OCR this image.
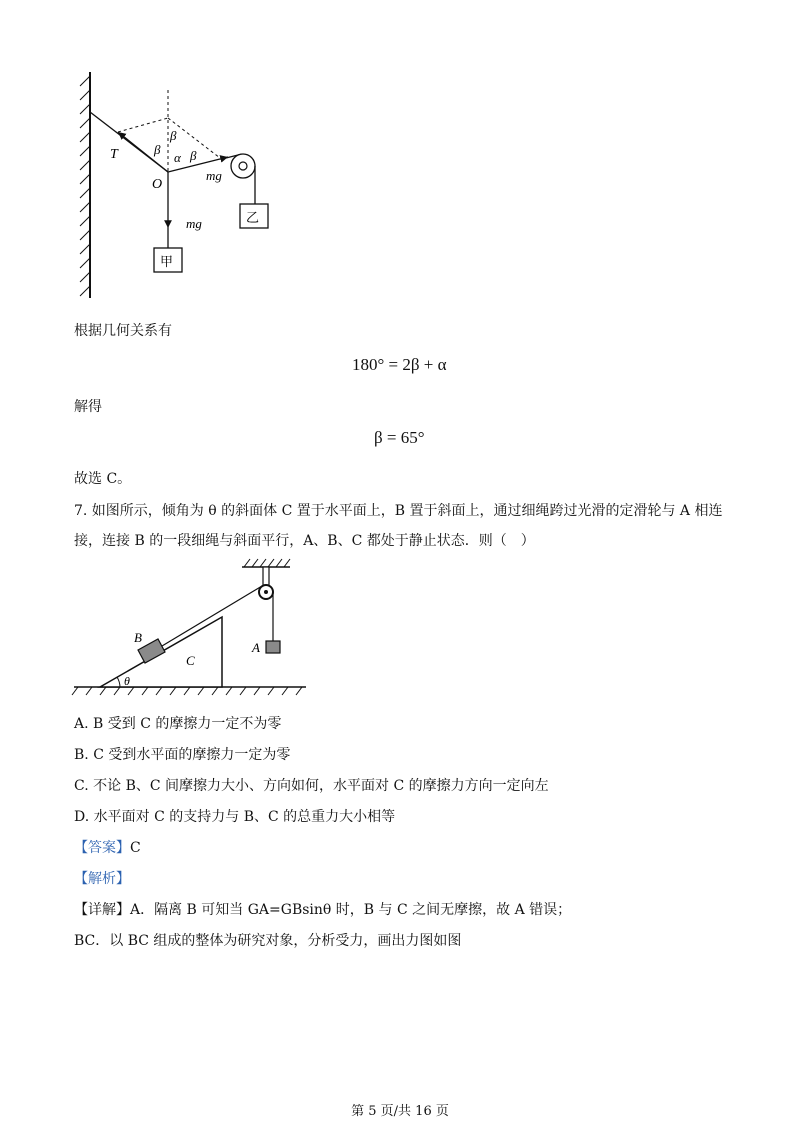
T
O
β
β
β
α
mg
mg
甲
乙
根据几何关系有
180° = 2β + α
解得
β = 65°
故选 C。
7. 如图所示，倾角为 θ 的斜面体 C 置于水平面上，B 置于斜面上，通过细绳跨过光滑的定滑轮与 A 相连
接，连接 B 的一段细绳与斜面平行，A、B、C 都处于静止状态．则（　）
B
C
A
θ
A. B 受到 C 的摩擦力一定不为零
B. C 受到水平面的摩擦力一定为零
C. 不论 B、C 间摩擦力大小、方向如何，水平面对 C 的摩擦力方向一定向左
D. 水平面对 C 的支持力与 B、C 的总重力大小相等
【答案】C
【解析】
【详解】A．隔离 B 可知当 GA=GBsinθ 时，B 与 C 之间无摩擦，故 A 错误；
BC．以 BC 组成的整体为研究对象，分析受力，画出力图如图
第 5 页/共 16 页
